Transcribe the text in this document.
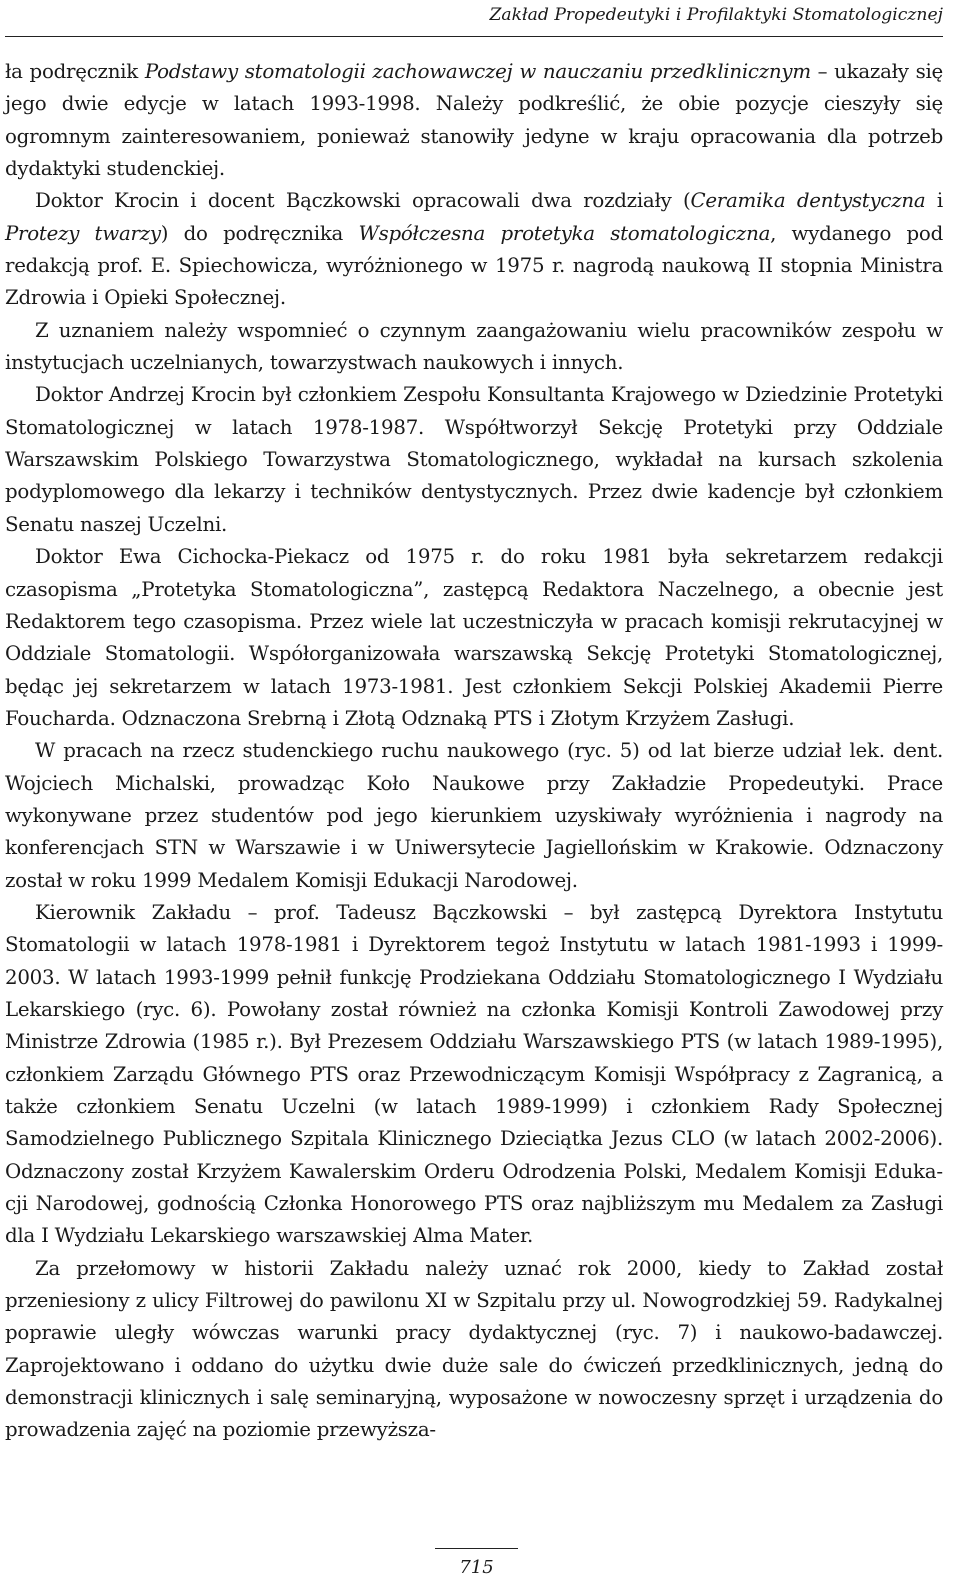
Zakład Propedeutyki i Profilaktyki Stomatologicznej

ła podręcznik Podstawy stomatologii zachowawczej w nauczaniu przedklinicznym – ukazały się jego dwie edycje w latach 1993-1998. Należy podkreślić, że obie pozycje cieszyły się ogromnym zainteresowaniem, ponieważ stanowiły jedyne w kraju opracowania dla potrzeb dydaktyki studenckiej.

Doktor Krocin i docent Bączkowski opracowali dwa rozdziały (Ceramika dentystyczna i Protezy twarzy) do podręcznika Współczesna protetyka stomatologiczna, wydanego pod redakcją prof. E. Spiechowicza, wyróżnionego w 1975 r. nagrodą naukową II stopnia Ministra Zdrowia i Opieki Społecznej.

Z uznaniem należy wspomnieć o czynnym zaangażowaniu wielu pracowników zespołu w instytucjach uczelnianych, towarzystwach naukowych i innych.

Doktor Andrzej Krocin był członkiem Zespołu Konsultanta Krajowego w Dziedzinie Protetyki Stomatologicznej w latach 1978-1987. Współtworzył Sekcję Protetyki przy Oddziale Warszawskim Polskiego Towarzystwa Stomatologicznego, wykładał na kursach szkolenia podyplomowego dla lekarzy i techników dentystycznych. Przez dwie kadencje był członkiem Senatu naszej Uczelni.

Doktor Ewa Cichocka-Piekacz od 1975 r. do roku 1981 była sekretarzem redakcji czasopisma „Protetyka Stomatologiczna”, zastępcą Redaktora Naczelnego, a obecnie jest Redaktorem tego czasopisma. Przez wiele lat uczestniczyła w pracach komisji rekrutacyjnej w Oddziale Stomatologii. Współorganizowała warszawską Sekcję Protetyki Stomatologicznej, będąc jej sekretarzem w latach 1973-1981. Jest członkiem Sekcji Polskiej Akademii Pierre Foucharda. Odznaczona Srebrną i Złotą Odznaką PTS i Złotym Krzyżem Zasługi.

W pracach na rzecz studenckiego ruchu naukowego (ryc. 5) od lat bierze udział lek. dent. Wojciech Michalski, prowadząc Koło Naukowe przy Zakładzie Propedeutyki. Prace wykonywane przez studentów pod jego kierunkiem uzyskiwały wyróżnienia i nagrody na konferencjach STN w Warszawie i w Uniwersytecie Jagiellońskim w Krakowie. Odznaczony został w roku 1999 Medalem Komisji Edukacji Narodowej.

Kierownik Zakładu – prof. Tadeusz Bączkowski – był zastępcą Dyrektora Instytutu Stomatologii w latach 1978-1981 i Dyrektorem tegoż Instytutu w latach 1981-1993 i 1999-2003. W latach 1993-1999 pełnił funkcję Prodziekana Oddziału Stomatologicznego I Wydziału Lekarskiego (ryc. 6). Powołany został również na członka Komisji Kontroli Zawodowej przy Ministrze Zdrowia (1985 r.). Był Prezesem Oddziału Warszawskiego PTS (w latach 1989-1995), członkiem Zarządu Głównego PTS oraz Przewodniczącym Komisji Współpracy z Zagranicą, a także członkiem Senatu Uczelni (w latach 1989-1999) i członkiem Rady Społecznej Samodzielnego Publicznego Szpitala Klinicznego Dzieciątka Jezus CLO (w latach 2002-2006). Odznaczony został Krzyżem Kawalerskim Orderu Odrodzenia Polski, Medalem Komisji Edukacji Narodowej, godnością Członka Honorowego PTS oraz najbliższym mu Medalem za Zasługi dla I Wydziału Lekarskiego warszawskiej Alma Mater.

Za przełomowy w historii Zakładu należy uznać rok 2000, kiedy to Zakład został przeniesiony z ulicy Filtrowej do pawilonu XI w Szpitalu przy ul. Nowogrodzkiej 59. Radykalnej poprawie uległy wówczas warunki pracy dydaktycznej (ryc. 7) i naukowo-badawczej. Zaprojektowano i oddano do użytku dwie duże sale do ćwiczeń przedklinicznych, jedną do demonstracji klinicznych i salę seminaryjną, wyposażone w nowoczesny sprzęt i urządzenia do prowadzenia zajęć na poziomie przewyższa-

715
